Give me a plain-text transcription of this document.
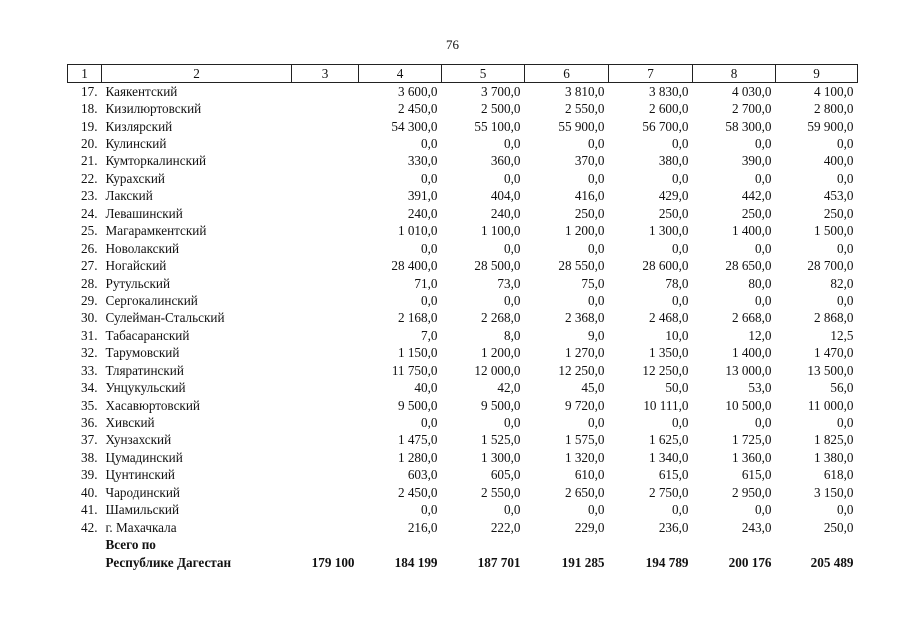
76
1	2	3	4	5	6	7	8	9
17.	Каякентский		3 600,0	3 700,0	3 810,0	3 830,0	4 030,0	4 100,0
18.	Кизилюртовский		2 450,0	2 500,0	2 550,0	2 600,0	2 700,0	2 800,0
19.	Кизлярский		54 300,0	55 100,0	55 900,0	56 700,0	58 300,0	59 900,0
20.	Кулинский		0,0	0,0	0,0	0,0	0,0	0,0
21.	Кумторкалинский		330,0	360,0	370,0	380,0	390,0	400,0
22.	Курахский		0,0	0,0	0,0	0,0	0,0	0,0
23.	Лакский		391,0	404,0	416,0	429,0	442,0	453,0
24.	Левашинский		240,0	240,0	250,0	250,0	250,0	250,0
25.	Магарамкентский		1 010,0	1 100,0	1 200,0	1 300,0	1 400,0	1 500,0
26.	Новолакский		0,0	0,0	0,0	0,0	0,0	0,0
27.	Ногайский		28 400,0	28 500,0	28 550,0	28 600,0	28 650,0	28 700,0
28.	Рутульский		71,0	73,0	75,0	78,0	80,0	82,0
29.	Сергокалинский		0,0	0,0	0,0	0,0	0,0	0,0
30.	Сулейман-Стальский		2 168,0	2 268,0	2 368,0	2 468,0	2 668,0	2 868,0
31.	Табасаранский		7,0	8,0	9,0	10,0	12,0	12,5
32.	Тарумовский		1 150,0	1 200,0	1 270,0	1 350,0	1 400,0	1 470,0
33.	Тляратинский		11 750,0	12 000,0	12 250,0	12 250,0	13 000,0	13 500,0
34.	Унцукульский		40,0	42,0	45,0	50,0	53,0	56,0
35.	Хасавюртовский		9 500,0	9 500,0	9 720,0	10 111,0	10 500,0	11 000,0
36.	Хивский		0,0	0,0	0,0	0,0	0,0	0,0
37.	Хунзахский		1 475,0	1 525,0	1 575,0	1 625,0	1 725,0	1 825,0
38.	Цумадинский		1 280,0	1 300,0	1 320,0	1 340,0	1 360,0	1 380,0
39.	Цунтинский		603,0	605,0	610,0	615,0	615,0	618,0
40.	Чародинский		2 450,0	2 550,0	2 650,0	2 750,0	2 950,0	3 150,0
41.	Шамильский		0,0	0,0	0,0	0,0	0,0	0,0
42.	г. Махачкала		216,0	222,0	229,0	236,0	243,0	250,0
	Всего по							
	Республике Дагестан	179 100	184 199	187 701	191 285	194 789	200 176	205 489
